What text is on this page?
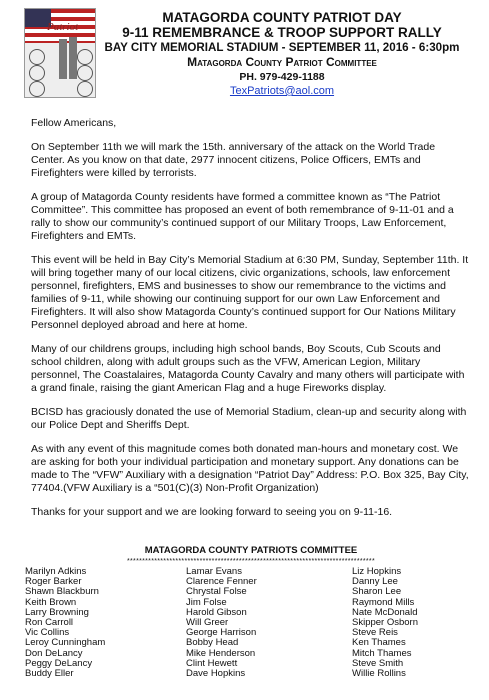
Patriot
MATAGORDA COUNTY PATRIOT DAY
9-11 REMEMBRANCE & TROOP SUPPORT RALLY
BAY CITY MEMORIAL STADIUM - SEPTEMBER 11, 2016 - 6:30pm
Matagorda County Patriot Committee
PH. 979-429-1188
TexPatriots@aol.com

Fellow Americans,

On September 11th we will mark the 15th. anniversary of the attack on the World Trade Center. As you know on that date, 2977 innocent citizens, Police Officers, EMTs and Firefighters were killed by terrorists.

A group of Matagorda County residents have formed a committee known as “The Patriot Committee”. This committee has proposed an event of both remembrance of 9-11-01 and a rally to show our community’s continued support of our Military Troops, Law Enforcement, Firefighters and EMTs.

This event will be held in Bay City’s Memorial Stadium at 6:30 PM, Sunday, September 11th. It will bring together many of our local citizens, civic organizations, schools, law enforcement personnel, firefighters, EMS and businesses to show our remembrance to the victims and families of 9-11, while showing our continuing support for our own Law Enforcement and Firefighters. It will also show Matagorda County’s continued support for Our Nations Military Personnel deployed abroad and here at home.

Many of our childrens groups, including high school bands, Boy Scouts, Cub Scouts and school children, along with adult groups such as the VFW, American Legion, Military personnel, The Coastalaires, Matagorda County Cavalry and many others will participate with a grand finale, raising the giant American Flag and a huge Fireworks display.

BCISD has graciously donated the use of Memorial Stadium, clean-up and security along with our Police Dept and Sheriffs Dept.

As with any event of this magnitude comes both donated man-hours and monetary cost. We are asking for both your individual participation and monetary support. Any donations can be made to The “VFW” Auxiliary with a designation “Patriot Day” Address: P.O. Box 325, Bay City, 77404.(VFW Auxiliary is a “501(C)(3) Non-Profit Organization)

Thanks for your support and we are looking forward to seeing you on 9-11-16.

MATAGORDA COUNTY PATRIOTS COMMITTEE
**********************************************************************************
Marilyn Adkins
Roger Barker
Shawn Blackburn
Keith Brown
Larry Browning
Ron Carroll
Vic Collins
Leroy Cunningham
Don DeLancy
Peggy DeLancy
Buddy Eller
Lamar Evans
Clarence Fenner
Chrystal Folse
Jim Folse
Harold Gibson
Will Greer
George Harrison
Bobby Head
Mike Henderson
Clint Hewett
Dave Hopkins
Liz Hopkins
Danny Lee
Sharon Lee
Raymond Mills
Nate McDonald
Skipper Osborn
Steve Reis
Ken Thames
Mitch Thames
Steve Smith
Willie Rollins
